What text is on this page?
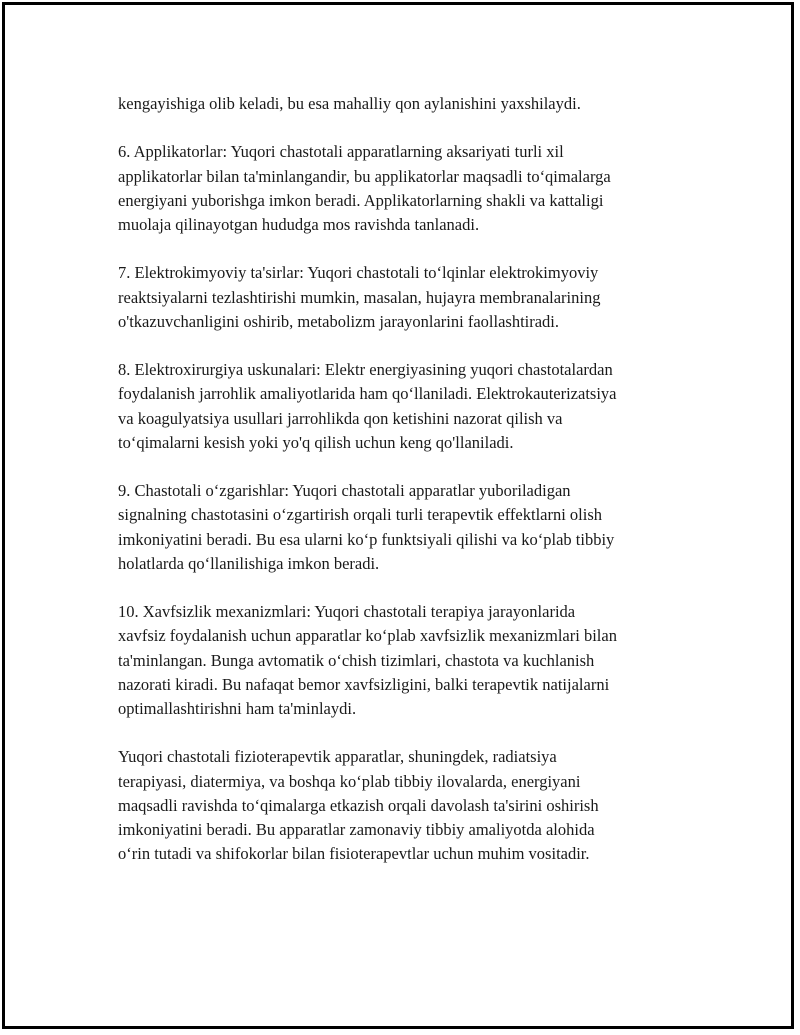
kengayishiga olib keladi, bu esa mahalliy qon aylanishini yaxshilaydi.

6. Applikatorlar: Yuqori chastotali apparatlarning aksariyati turli xil
applikatorlar bilan ta'minlangandir, bu applikatorlar maqsadli to‘qimalarga
energiyani yuborishga imkon beradi. Applikatorlarning shakli va kattaligi
muolaja qilinayotgan hududga mos ravishda tanlanadi.

7. Elektrokimyoviy ta'sirlar: Yuqori chastotali to‘lqinlar elektrokimyoviy
reaktsiyalarni tezlashtirishi mumkin, masalan, hujayra membranalarining
o'tkazuvchanligini oshirib, metabolizm jarayonlarini faollashtiradi.

8. Elektroxirurgiya uskunalari: Elektr energiyasining yuqori chastotalardan
foydalanish jarrohlik amaliyotlarida ham qo‘llaniladi. Elektrokauterizatsiya
va koagulyatsiya usullari jarrohlikda qon ketishini nazorat qilish va
to‘qimalarni kesish yoki yo'q qilish uchun keng qo'llaniladi.

9. Chastotali o‘zgarishlar: Yuqori chastotali apparatlar yuboriladigan
signalning chastotasini o‘zgartirish orqali turli terapevtik effektlarni olish
imkoniyatini beradi. Bu esa ularni ko‘p funktsiyali qilishi va ko‘plab tibbiy
holatlarda qo‘llanilishiga imkon beradi.

10. Xavfsizlik mexanizmlari: Yuqori chastotali terapiya jarayonlarida
xavfsiz foydalanish uchun apparatlar ko‘plab xavfsizlik mexanizmlari bilan
ta'minlangan. Bunga avtomatik o‘chish tizimlari, chastota va kuchlanish
nazorati kiradi. Bu nafaqat bemor xavfsizligini, balki terapevtik natijalarni
optimallashtirishni ham ta'minlaydi.

Yuqori chastotali fizioterapevtik apparatlar, shuningdek, radiatsiya
terapiyasi, diatermiya, va boshqa ko‘plab tibbiy ilovalarda, energiyani
maqsadli ravishda to‘qimalarga etkazish orqali davolash ta'sirini oshirish
imkoniyatini beradi. Bu apparatlar zamonaviy tibbiy amaliyotda alohida
o‘rin tutadi va shifokorlar bilan fisioterapevtlar uchun muhim vositadir.
